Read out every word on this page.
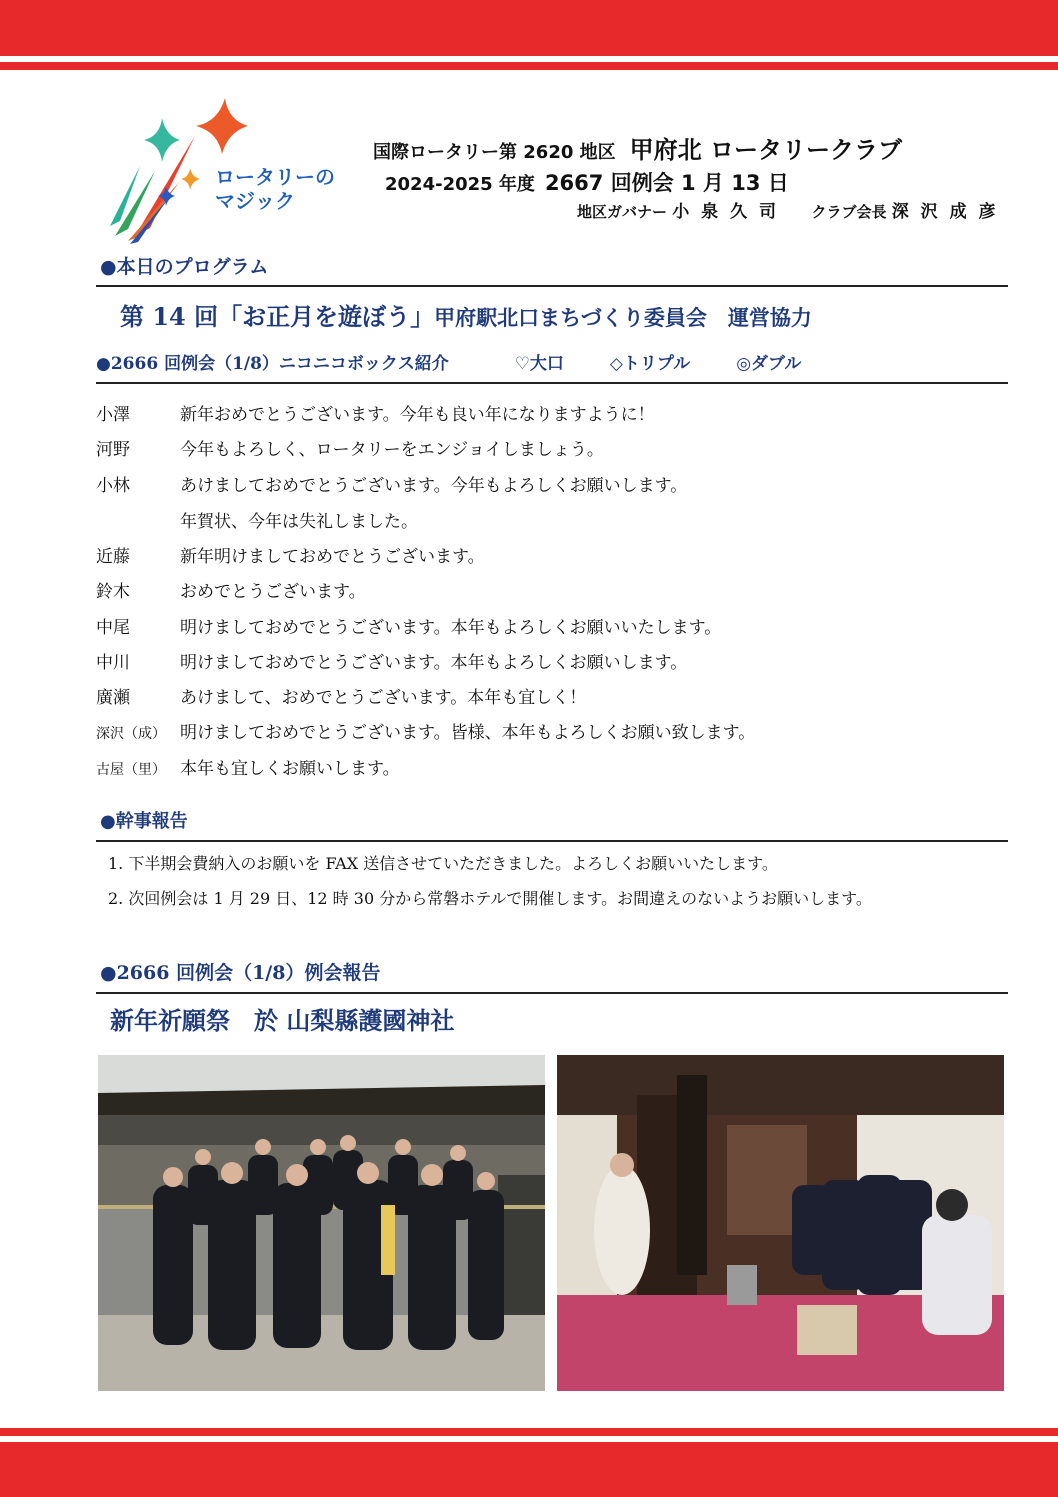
ロータリーの
マジック
国際ロータリー第 2620 地区 甲府北 ロータリークラブ
2024-2025 年度 2667 回例会 1 月 13 日
地区ガバナー 小 泉 久 司 クラブ会長 深 沢 成 彦
●本日のプログラム
第 14 回「お正月を遊ぼう」甲府駅北口まちづくり委員会　運営協力
●2666 回例会（1/8）ニコニコボックス紹介	♡大口	◇トリプル	◎ダブル
小澤	新年おめでとうございます。今年も良い年になりますように！
河野	今年もよろしく、ロータリーをエンジョイしましょう。
小林	あけましておめでとうございます。今年もよろしくお願いします。
年賀状、今年は失礼しました。
近藤	新年明けましておめでとうございます。
鈴木	おめでとうございます。
中尾	明けましておめでとうございます。本年もよろしくお願いいたします。
中川	明けましておめでとうございます。本年もよろしくお願いします。
廣瀬	あけまして、おめでとうございます。本年も宜しく！
深沢（成） 明けましておめでとうございます。皆様、本年もよろしくお願い致します。
古屋（里） 本年も宜しくお願いします。
●幹事報告
1. 下半期会費納入のお願いを FAX 送信させていただきました。よろしくお願いいたします。
2. 次回例会は 1 月 29 日、12 時 30 分から常磐ホテルで開催します。お間違えのないようお願いします。
●2666 回例会（1/8）例会報告
新年祈願祭　於 山梨縣護國神社
